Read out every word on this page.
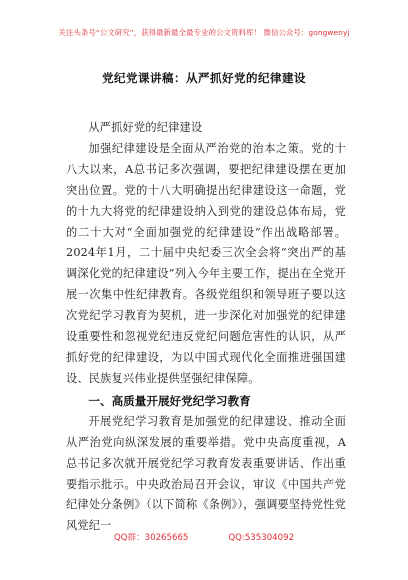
关注头条号“公文研究”，获得最新最全最专业的公文资料库！ 微信公众号：gongwenyj
党纪党课讲稿：从严抓好党的纪律建设

从严抓好党的纪律建设

加强纪律建设是全面从严治党的治本之策。党的十八大以来，A总书记多次强调，要把纪律建设摆在更加突出位置。党的十八大明确提出纪律建设这一命题，党的十九大将党的纪律建设纳入到党的建设总体布局，党的二十大对“全面加强党的纪律建设”作出战略部署。2024年1月，二十届中央纪委三次全会将“突出严的基调深化党的纪律建设”列入今年主要工作，提出在全党开展一次集中性纪律教育。各级党组织和领导班子要以这次党纪学习教育为契机，进一步深化对加强党的纪律建设重要性和忽视党纪违反党纪问题危害性的认识，从严抓好党的纪律建设，为以中国式现代化全面推进强国建设、民族复兴伟业提供坚强纪律保障。

一、高质量开展好党纪学习教育

开展党纪学习教育是加强党的纪律建设、推动全面从严治党向纵深发展的重要举措。党中央高度重视，A总书记多次就开展党纪学习教育发表重要讲话、作出重要指示批示。中央政治局召开会议，审议《中国共产党纪律处分条例》（以下简称《条例》），强调要坚持党性党风党纪一

QQ群：30265665	QQ:535304092
